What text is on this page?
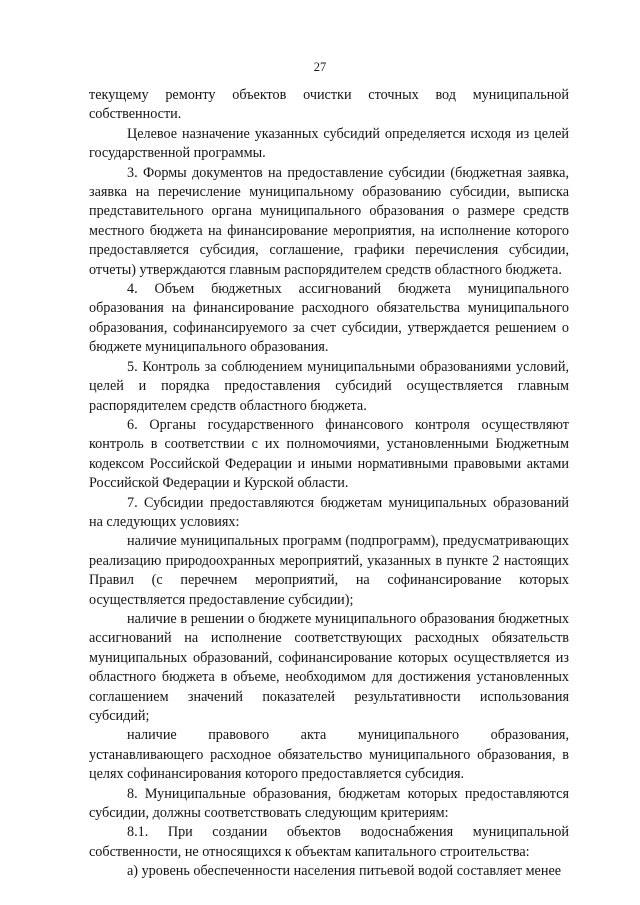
27

текущему ремонту объектов очистки сточных вод муниципальной собственности.

Целевое назначение указанных субсидий определяется исходя из целей государственной программы.

3. Формы документов на предоставление субсидии (бюджетная заявка, заявка на перечисление муниципальному образованию субсидии, выписка представительного органа муниципального образования о размере средств местного бюджета на финансирование мероприятия, на исполнение которого предоставляется субсидия, соглашение, графики перечисления субсидии, отчеты) утверждаются главным распорядителем средств областного бюджета.

4. Объем бюджетных ассигнований бюджета муниципального образования на финансирование расходного обязательства муниципального образования, софинансируемого за счет субсидии, утверждается решением о бюджете муниципального образования.

5. Контроль за соблюдением муниципальными образованиями условий, целей и порядка предоставления субсидий осуществляется главным распорядителем средств областного бюджета.

6. Органы государственного финансового контроля осуществляют контроль в соответствии с их полномочиями, установленными Бюджетным кодексом Российской Федерации и иными нормативными правовыми актами Российской Федерации и Курской области.

7. Субсидии предоставляются бюджетам муниципальных образований на следующих условиях:

наличие муниципальных программ (подпрограмм), предусматривающих реализацию природоохранных мероприятий, указанных в пункте 2 настоящих Правил (с перечнем мероприятий, на софинансирование которых осуществляется предоставление субсидии);

наличие в решении о бюджете муниципального образования бюджетных ассигнований на исполнение соответствующих расходных обязательств муниципальных образований, софинансирование которых осуществляется из областного бюджета в объеме, необходимом для достижения установленных соглашением значений показателей результативности использования субсидий;

наличие правового акта муниципального образования, устанавливающего расходное обязательство муниципального образования, в целях софинансирования которого предоставляется субсидия.

8. Муниципальные образования, бюджетам которых предоставляются субсидии, должны соответствовать следующим критериям:

8.1. При создании объектов водоснабжения муниципальной собственности, не относящихся к объектам капитального строительства:

а) уровень обеспеченности населения питьевой водой составляет менее
